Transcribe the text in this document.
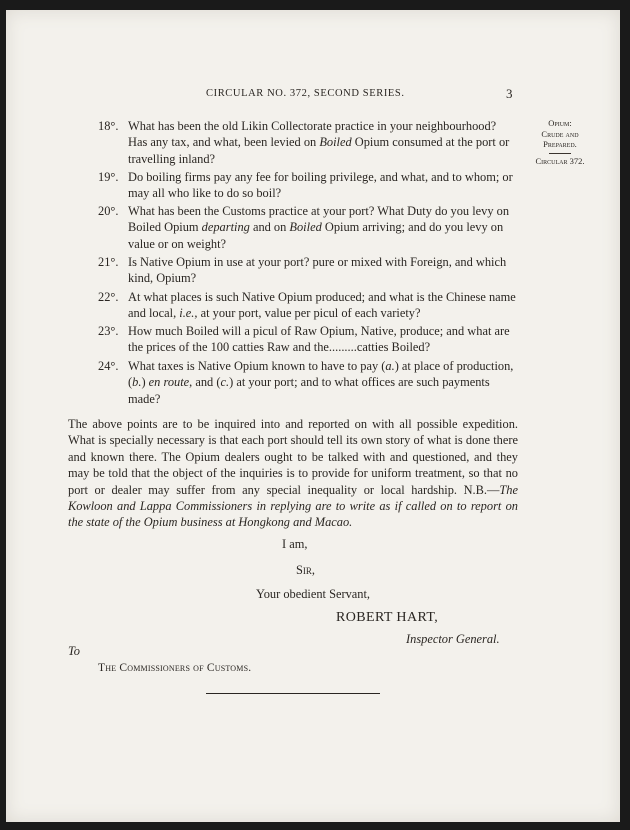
CIRCULAR NO. 372, SECOND SERIES.	3
Opium:
Crude and
Prepared.
Circular 372.
18°. What has been the old Likin Collectorate practice in your neighbourhood? Has any tax, and what, been levied on Boiled Opium consumed at the port or travelling inland?
19°. Do boiling firms pay any fee for boiling privilege, and what, and to whom; or may all who like to do so boil?
20°. What has been the Customs practice at your port? What Duty do you levy on Boiled Opium departing and on Boiled Opium arriving; and do you levy on value or on weight?
21°. Is Native Opium in use at your port? pure or mixed with Foreign, and which kind, Opium?
22°. At what places is such Native Opium produced; and what is the Chinese name and local, i.e., at your port, value per picul of each variety?
23°. How much Boiled will a picul of Raw Opium, Native, produce; and what are the prices of the 100 catties Raw and the.........catties Boiled?
24°. What taxes is Native Opium known to have to pay (a.) at place of production, (b.) en route, and (c.) at your port; and to what offices are such payments made?
The above points are to be inquired into and reported on with all possible expedition. What is specially necessary is that each port should tell its own story of what is done there and known there. The Opium dealers ought to be talked with and questioned, and they may be told that the object of the inquiries is to provide for uniform treatment, so that no port or dealer may suffer from any special inequality or local hardship. N.B.—The Kowloon and Lappa Commissioners in replying are to write as if called on to report on the state of the Opium business at Hongkong and Macao.
I am,
Sir,
Your obedient Servant,
ROBERT HART,
Inspector General.
To
The Commissioners of Customs.
